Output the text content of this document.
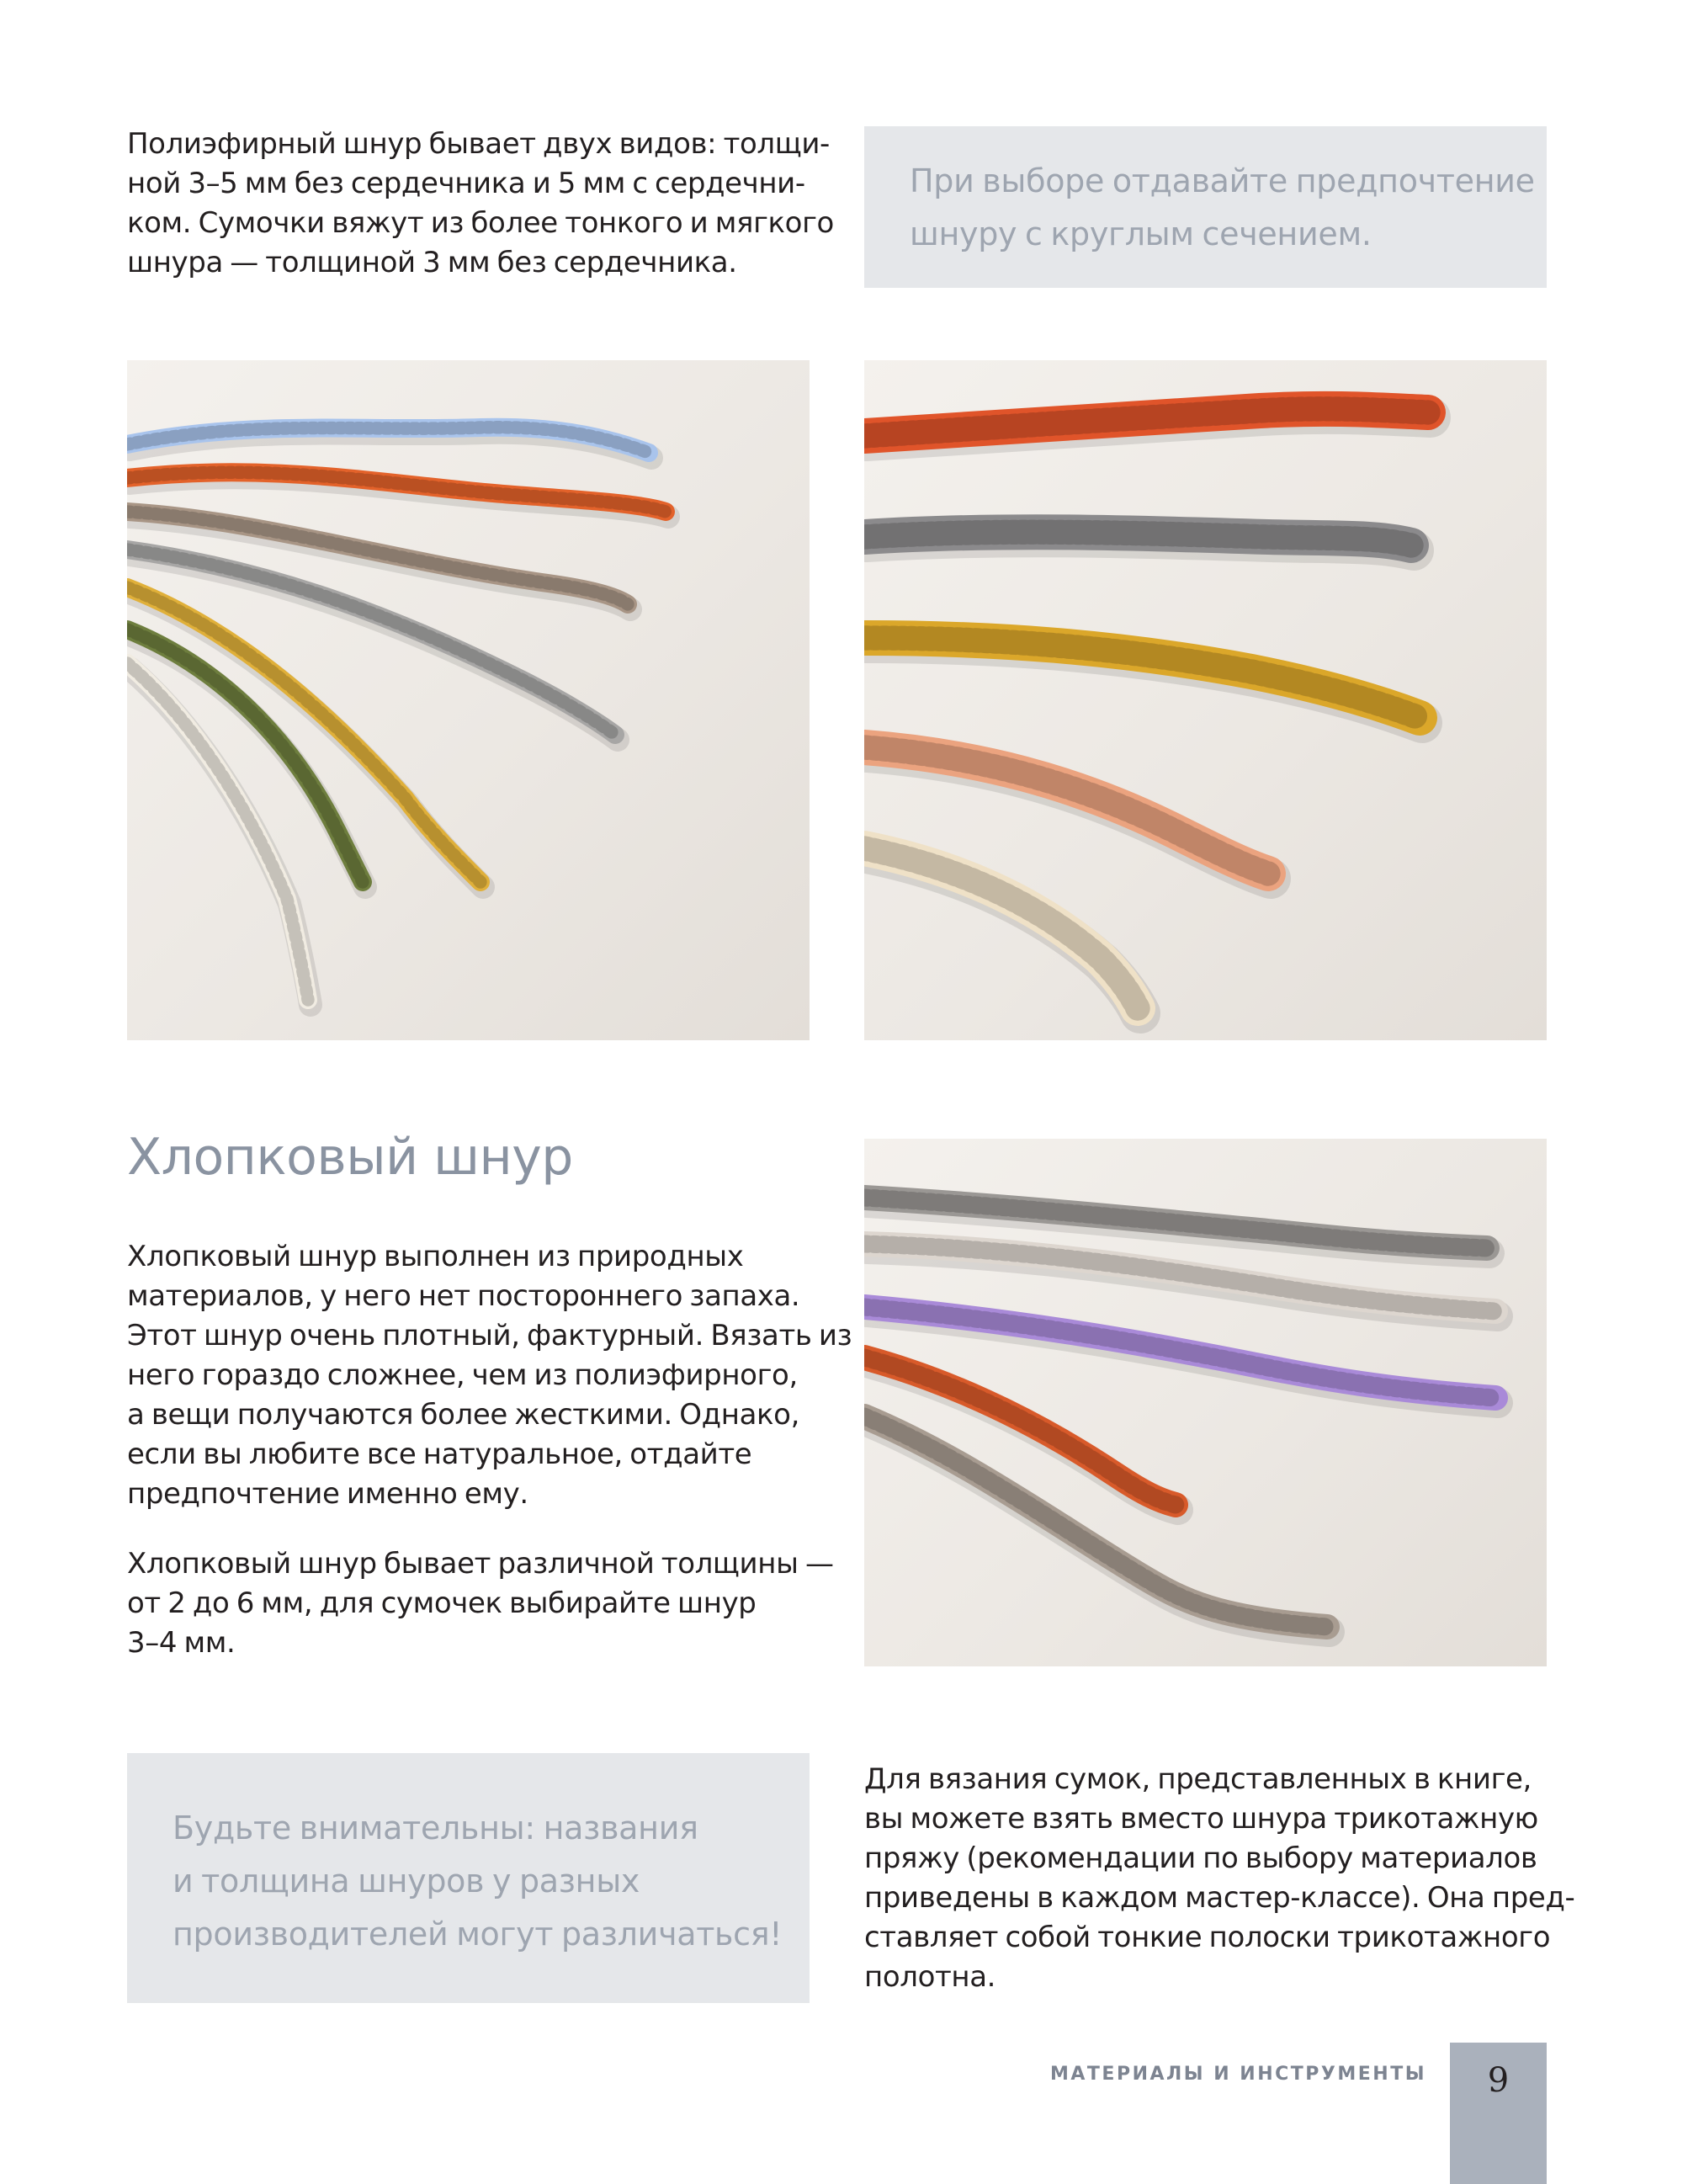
Полиэфирный шнур бывает двух видов: толщи-
ной 3–5 мм без сердечника и 5 мм с сердечни-
ком. Сумочки вяжут из более тонкого и мягкого
шнура — толщиной 3 мм без сердечника.
При выборе отдавайте предпочтение
шнуру с круглым сечением.
Хлопковый шнур

Хлопковый шнур выполнен из природных
материалов, у него нет постороннего запаха.
Этот шнур очень плотный, фактурный. Вязать из
него гораздо сложнее, чем из полиэфирного,
а вещи получаются более жесткими. Однако,
если вы любите все натуральное, отдайте
предпочтение именно ему.

Хлопковый шнур бывает различной толщины —
от 2 до 6 мм, для сумочек выбирайте шнур
3–4 мм.

Будьте внимательны: названия
и толщина шнуров у разных
производителей могут различаться!
Для вязания сумок, представленных в книге,
вы можете взять вместо шнура трикотажную
пряжу (рекомендации по выбору материалов
приведены в каждом мастер-классе). Она пред-
ставляет собой тонкие полоски трикотажного
полотна.
МАТЕРИАЛЫ И ИНСТРУМЕНТЫ	9
